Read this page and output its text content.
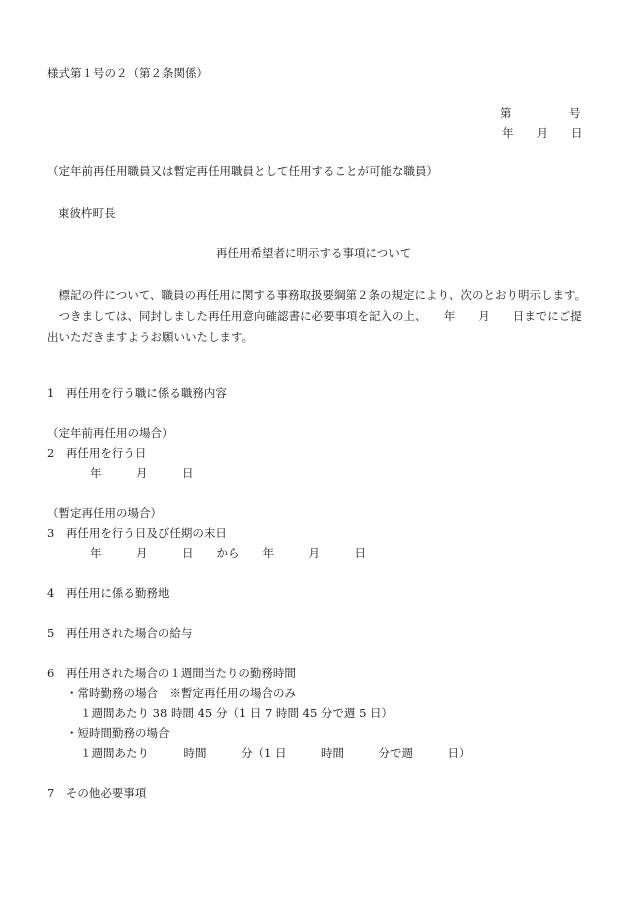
様式第１号の２（第２条関係）
第　　　　　号
年　　月　　日
（定年前再任用職員又は暫定再任用職員として任用することが可能な職員）
東彼杵町長
再任用希望者に明示する事項について
標記の件について、職員の再任用に関する事務取扱要綱第２条の規定により、次のとおり明示します。
つきましては、同封しました再任用意向確認書に必要事項を記入の上、　　年　　月　　日までにご提出いただきますようお願いいたします。
1　再任用を行う職に係る職務内容
（定年前再任用の場合）
2　再任用を行う日
年　　　月　　　日
（暫定再任用の場合）
3　再任用を行う日及び任期の末日
年　　　月　　　日　　から　　年　　　月　　　日
4　再任用に係る勤務地
5　再任用された場合の給与
6　再任用された場合の１週間当たりの勤務時間
・常時勤務の場合　※暫定再任用の場合のみ
１週間あたり 38 時間 45 分（1 日 7 時間 45 分で週 5 日）
・短時間勤務の場合
１週間あたり　　　時間　　　分（1 日　　　時間　　　分で週　　　日）
7　その他必要事項
